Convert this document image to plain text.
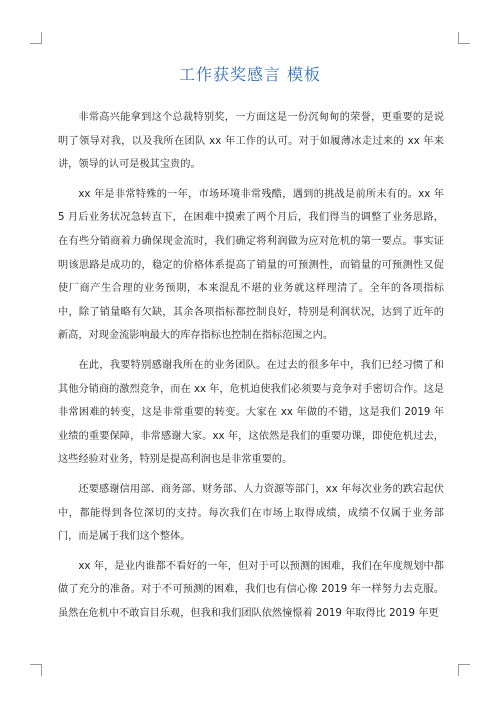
工作获奖感言 模板

非常高兴能拿到这个总裁特别奖，一方面这是一份沉甸甸的荣誉，更重要的是说明了领导对我，以及我所在团队 xx 年工作的认可。对于如履薄冰走过来的 xx 年来讲，领导的认可是极其宝贵的。

xx 年是非常特殊的一年，市场环境非常残酷，遇到的挑战是前所未有的。xx 年 5 月后业务状况急转直下，在困难中摸索了两个月后，我们得当的调整了业务思路，在有些分销商着力确保现金流时，我们确定将利润做为应对危机的第一要点。事实证明该思路是成功的，稳定的价格体系提高了销量的可预测性，而销量的可预测性又促使厂商产生合理的业务预期，本来混乱不堪的业务就这样理清了。全年的各项指标中，除了销量略有欠缺，其余各项指标都控制良好，特别是利润状况，达到了近年的新高，对现金流影响最大的库存指标也控制在指标范围之内。

在此，我要特别感谢我所在的业务团队。在过去的很多年中，我们已经习惯了和其他分销商的激烈竞争，而在 xx 年，危机迫使我们必须要与竞争对手密切合作。这是非常困难的转变，这是非常重要的转变。大家在 xx 年做的不错，这是我们 2019 年业绩的重要保障，非常感谢大家。xx 年，这依然是我们的重要功课，即使危机过去，这些经验对业务，特别是提高利润也是非常重要的。

还要感谢信用部、商务部、财务部、人力资源等部门，xx 年每次业务的跌宕起伏中，都能得到各位深切的支持。每次我们在市场上取得成绩，成绩不仅属于业务部门，而是属于我们这个整体。

xx 年，是业内谁都不看好的一年，但对于可以预测的困难，我们在年度规划中都做了充分的准备。对于不可预测的困难，我们也有信心像 2019 年一样努力去克服。虽然在危机中不敢盲目乐观，但我和我们团队依然憧憬着 2019 年取得比 2019 年更
